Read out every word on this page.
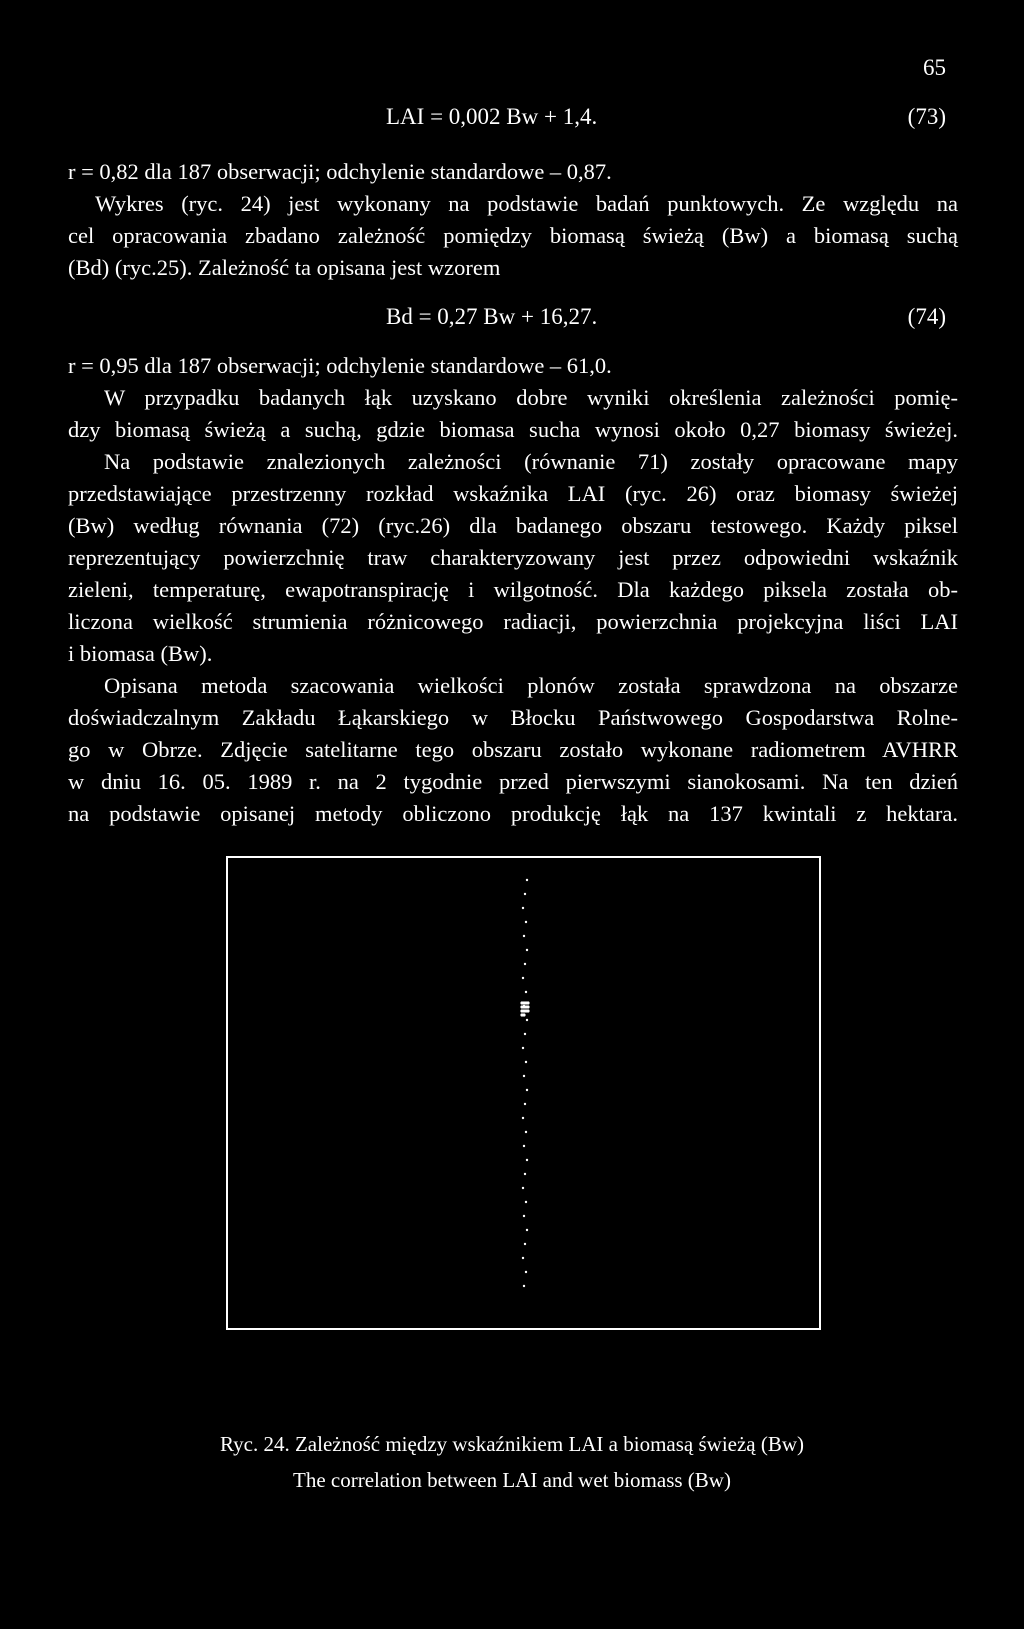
65
LAI = 0,002 Bw + 1,4.	(73)
r = 0,82 dla 187 obserwacji; odchylenie standardowe – 0,87.
Wykres (ryc. 24) jest wykonany na podstawie badań punktowych. Ze względu na
cel opracowania zbadano zależność pomiędzy biomasą świeżą (Bw) a biomasą suchą
(Bd) (ryc.25). Zależność ta opisana jest wzorem
Bd = 0,27 Bw + 16,27.	(74)
r = 0,95 dla 187 obserwacji; odchylenie standardowe – 61,0.
W przypadku badanych łąk uzyskano dobre wyniki określenia zależności pomię-
dzy biomasą świeżą a suchą, gdzie biomasa sucha wynosi około 0,27 biomasy świeżej.
Na podstawie znalezionych zależności (równanie 71) zostały opracowane mapy
przedstawiające przestrzenny rozkład wskaźnika LAI (ryc. 26) oraz biomasy świeżej
(Bw) według równania (72) (ryc.26) dla badanego obszaru testowego. Każdy piksel
reprezentujący powierzchnię traw charakteryzowany jest przez odpowiedni wskaźnik
zieleni, temperaturę, ewapotranspirację i wilgotność. Dla każdego piksela została ob-
liczona wielkość strumienia różnicowego radiacji, powierzchnia projekcyjna liści LAI
i biomasa (Bw).
Opisana metoda szacowania wielkości plonów została sprawdzona na obszarze
doświadczalnym Zakładu Łąkarskiego w Błocku Państwowego Gospodarstwa Rolne-
go w Obrze. Zdjęcie satelitarne tego obszaru zostało wykonane radiometrem AVHRR
w dniu 16. 05. 1989 r. na 2 tygodnie przed pierwszymi sianokosami. Na ten dzień
na podstawie opisanej metody obliczono produkcję łąk na 137 kwintali z hektara.
Ryc. 24. Zależność między wskaźnikiem LAI a biomasą świeżą (Bw)
The correlation between LAI and wet biomass (Bw)
